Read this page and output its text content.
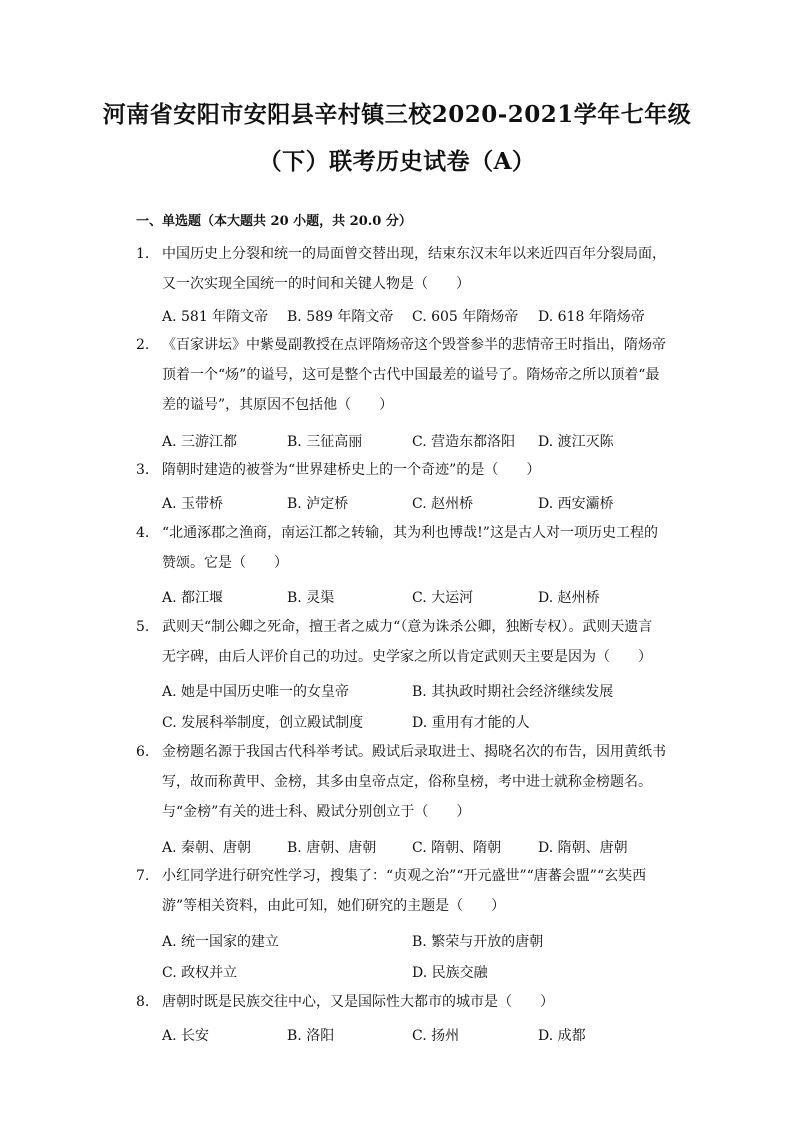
河南省安阳市安阳县辛村镇三校2020-2021学年七年级
（下）联考历史试卷（A）
一、单选题（本大题共 20 小题，共 20.0 分）
1. 中国历史上分裂和统一的局面曾交替出现，结束东汉末年以来近四百年分裂局面，又一次实现全国统一的时间和关键人物是（　　）
A. 581 年隋文帝 B. 589 年隋文帝 C. 605 年隋炀帝 D. 618 年隋炀帝
2. 《百家讲坛》中紫曼副教授在点评隋炀帝这个毁誉参半的悲情帝王时指出，隋炀帝顶着一个“炀”的谥号，这可是整个古代中国最差的谥号了。隋炀帝之所以顶着“最差的谥号”，其原因不包括他（　　）
A. 三游江都	B. 三征高丽	C. 营造东都洛阳 D. 渡江灭陈
3. 隋朝时建造的被誉为“世界建桥史上的一个奇迹”的是（　　）
A. 玉带桥	B. 泸定桥	C. 赵州桥	D. 西安灞桥
4. “北通涿郡之渔商，南运江都之转输，其为利也博哉!”这是古人对一项历史工程的赞颂。它是（　　）
A. 都江堰	B. 灵渠	C. 大运河	D. 赵州桥
5. 武则天“制公卿之死命，擅王者之威力“（意为诛杀公卿，独断专权）。武则天遗言无字碑，由后人评价自己的功过。史学家之所以肯定武则天主要是因为（　　）
A. 她是中国历史唯一的女皇帝	B. 其执政时期社会经济继续发展
C. 发展科举制度，创立殿试制度	D. 重用有才能的人
6. 金榜题名源于我国古代科举考试。殿试后录取进士、揭晓名次的布告，因用黄纸书写，故而称黄甲、金榜，其多由皇帝点定，俗称皇榜，考中进士就称金榜题名。与“金榜”有关的进士科、殿试分别创立于（　　）
A. 秦朝、唐朝	B. 唐朝、唐朝	C. 隋朝、隋朝	D. 隋朝、唐朝
7. 小红同学进行研究性学习，搜集了：“贞观之治”“开元盛世”“唐蕃会盟”“玄奘西游”等相关资料，由此可知，她们研究的主题是（　　）
A. 统一国家的建立	B. 繁荣与开放的唐朝
C. 政权并立	D. 民族交融
8. 唐朝时既是民族交往中心，又是国际性大都市的城市是（　　）
A. 长安	B. 洛阳	C. 扬州	D. 成都
